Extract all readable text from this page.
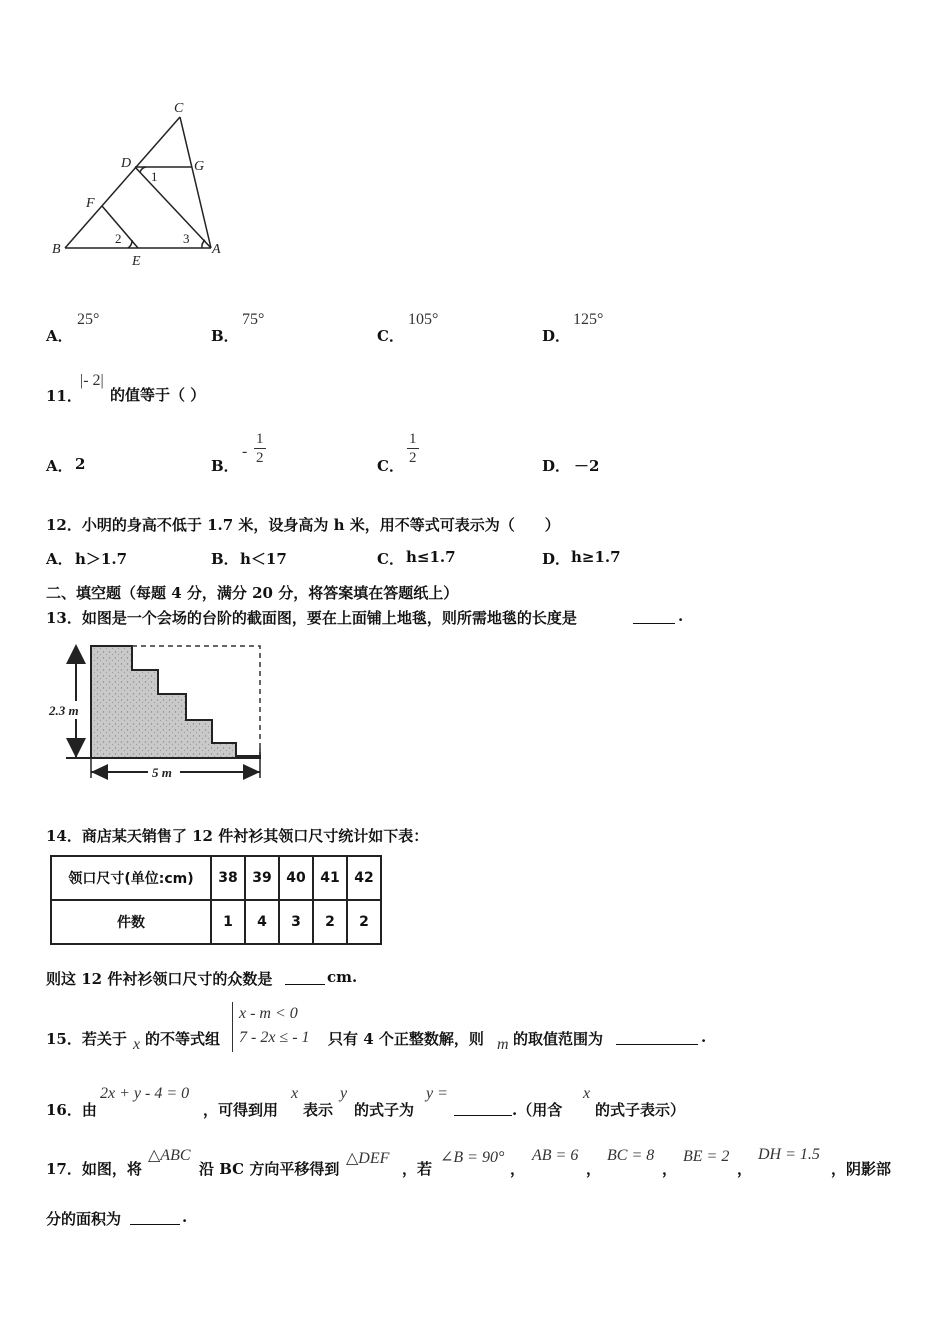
C
D	G
1
F
B
2
E
3
A
A．
25°
B．
75°
C．
105°
D．
125°
11．
|- 2|
的值等于（ ）
A． 2	B．
- $\frac{1}{2}$	C． $\frac{1}{2}$	D． －2
12．小明的身高不低于 1.7 米，设身高为 h 米，用不等式可表示为（　　）
A． h＞1.7	B． h＜17	C． h≤1.7	D． h≥1.7
二、填空题（每题 4 分，满分 20 分，将答案填在答题纸上）
13．如图是一个会场的台阶的截面图，要在上面铺上地毯，则所需地毯的长度是	.
2.3 m
5 m
14．商店某天销售了 12 件衬衫其领口尺寸统计如下表：
领口尺寸(单位:cm)	38	39	40	41	42
件数	1	4	3	2	2
则这 12 件衬衫领口尺寸的众数是	cm.
15．若关于 x 的不等式组
x - m < 0
7 - 2x ≤ - 1 只有 4 个正整数解，则 m 的取值范围为	.
16．由
2x + y - 4 = 0
，可得到用
x
表示
y
的式子为
y =
.（用含
x
的式子表示）
17．如图，将
△ABC
沿 BC 方向平移得到
△DEF
，若
∠B = 90°
，
AB = 6
，
BC = 8
，
BE = 2
，
DH = 1.5
，阴影部
分的面积为	.
